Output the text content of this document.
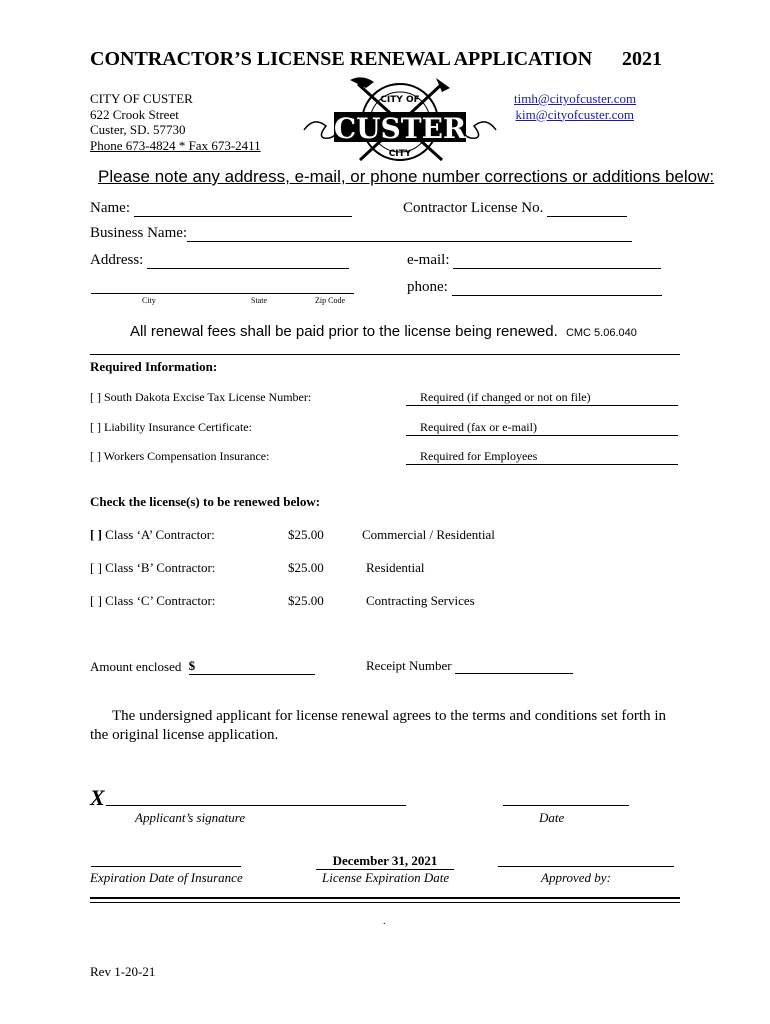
CONTRACTOR’S LICENSE RENEWAL APPLICATION 2021
CITY OF CUSTER
622 Crook Street
Custer, SD. 57730
Phone 673-4824 * Fax 673-2411	CUSTER
CITY OF
CITY
timh@cityofcuster.com
kim@cityofcuster.com
Please note any address, e-mail, or phone number corrections or additions below:
Name:	Contractor License No.
Business Name:
Address:	e-mail:
phone:
City	State	Zip Code
All renewal fees shall be paid prior to the license being renewed. CMC 5.06.040
Required Information:
[ ] South Dakota Excise Tax License Number:	Required (if changed or not on file)
[ ] Liability Insurance Certificate:	Required (fax or e-mail)
[ ] Workers Compensation Insurance:	Required for Employees
Check the license(s) to be renewed below:
[ ] Class ‘A’ Contractor:	$25.00	Commercial / Residential
[ ] Class ‘B’ Contractor:	$25.00	Residential
[ ] Class ‘C’ Contractor:	$25.00	Contracting Services
Amount enclosed $	Receipt Number
The undersigned applicant for license renewal agrees to the terms and conditions set forth in the original license application.
X
Applicant’s signature	Date
December 31, 2021
Expiration Date of Insurance	License Expiration Date	Approved by:
.
Rev 1-20-21
